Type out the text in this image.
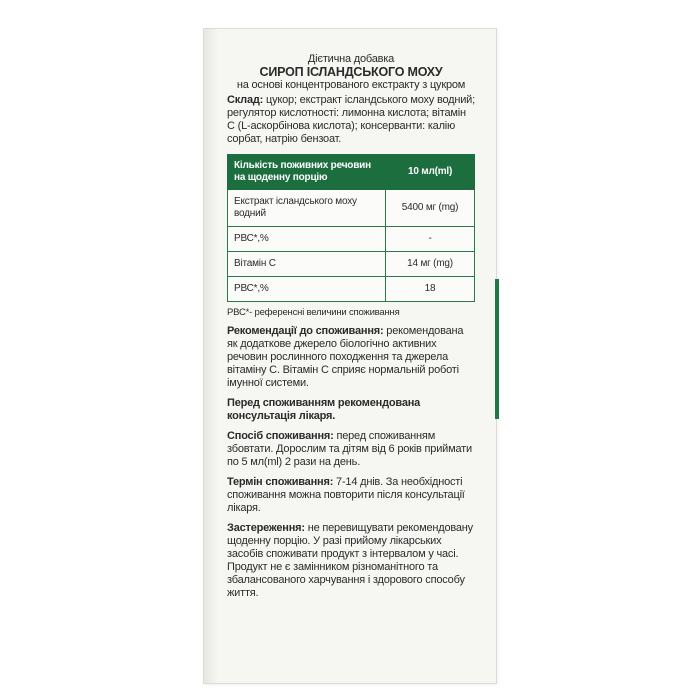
Дієтична добавка

СИРОП ІСЛАНДСЬКОГО МОХУ

на основі концентрованого екстракту з цукром

Склад: цукор; екстракт ісландського моху водний; регулятор кислотності: лимонна кислота; вітамін С (L-аскорбінова кислота); консерванти: калію сорбат, натрію бензоат.

Кількість поживних речовин на щоденну порцію	10 мл(ml)
Екстракт ісландського моху водний	5400 мг (mg)
РВС*,%	-
Вітамін С	14 мг (mg)
РВС*,%	18

РВС*- референсні величини споживання

Рекомендації до споживання: рекомендована як додаткове джерело біологічно активних речовин рослинного походження та джерела вітаміну С. Вітамін С сприяє нормальній роботі імунної системи.

Перед споживанням рекомендована консультація лікаря.

Спосіб споживання: перед споживанням збовтати. Дорослим та дітям від 6 років приймати по 5 мл(ml) 2 рази на день.

Термін споживання: 7-14 днів. За необхідності споживання можна повторити після консультації лікаря.

Застереження: не перевищувати рекомендовану щоденну порцію. У разі прийому лікарських засобів споживати продукт з інтервалом у часі. Продукт не є замінником різноманітного та збалансованого харчування і здорового способу життя.
